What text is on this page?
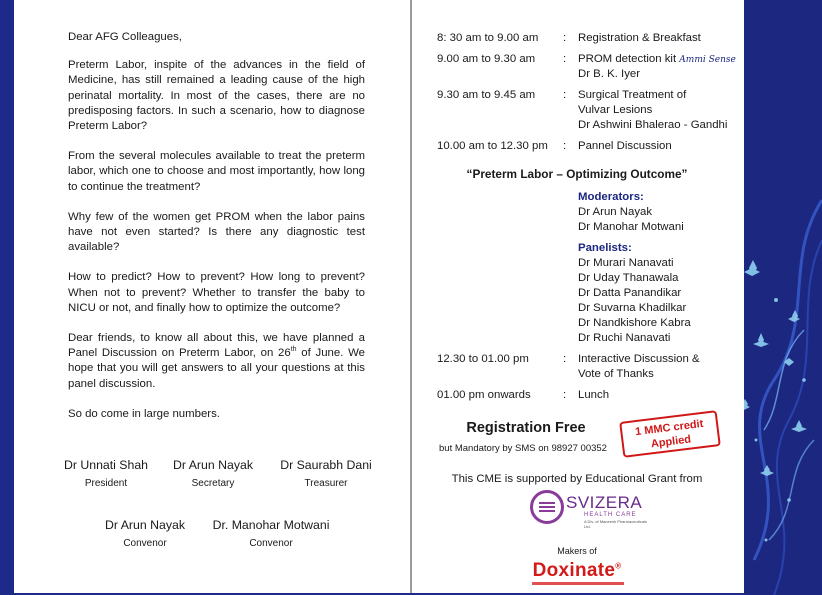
Dear AFG Colleagues,

Preterm Labor, inspite of the advances in the field of Medicine, has still remained a leading cause of the high perinatal mortality. In most of the cases, there are no predisposing factors. In such a scenario, how to diagnose Preterm Labor?

From the several molecules available to treat the preterm labor, which one to choose and most importantly, how long to continue the treatment?

Why few of the women get PROM when the labor pains have not even started? Is there any diagnostic test available?

How to predict? How to prevent? How long to prevent? When not to prevent? Whether to transfer the baby to NICU or not, and finally how to optimize the outcome?

Dear friends, to know all about this, we have planned a Panel Discussion on Preterm Labor, on 26th of June. We hope that you will get answers to all your questions at this panel discussion.

So do come in large numbers.

Dr Unnati Shah
President
Dr Arun Nayak
Secretary
Dr Saurabh Dani
Treasurer
Dr Arun Nayak
Convenor
Dr. Manohar Motwani
Convenor
8: 30 am to 9.00 am : Registration & Breakfast
9.00 am to 9.30 am : PROM detection kit Ammi Sense
Dr B. K. Iyer
9.30 am to 9.45 am : Surgical Treatment of
Vulvar Lesions
Dr Ashwini Bhalerao - Gandhi
10.00 am to 12.30 pm : Pannel Discussion
“Preterm Labor – Optimizing Outcome”
Moderators:
Dr Arun Nayak
Dr Manohar Motwani
Panelists:
Dr Murari Nanavati
Dr Uday Thanawala
Dr Datta Panandikar
Dr Suvarna Khadilkar
Dr Nandkishore Kabra
Dr Ruchi Nanavati
12.30 to 01.00 pm	: Interactive Discussion &
Vote of Thanks
01.00 pm onwards	: Lunch
Registration Free
but Mandatory by SMS on 98927 00352
1 MMC credit
Applied
This CME is supported by Educational Grant from
SVIZERA
HEALTH CARE
A Div. of Maneesh Pharmaceuticals Ltd.
Makers of
Doxinate®
